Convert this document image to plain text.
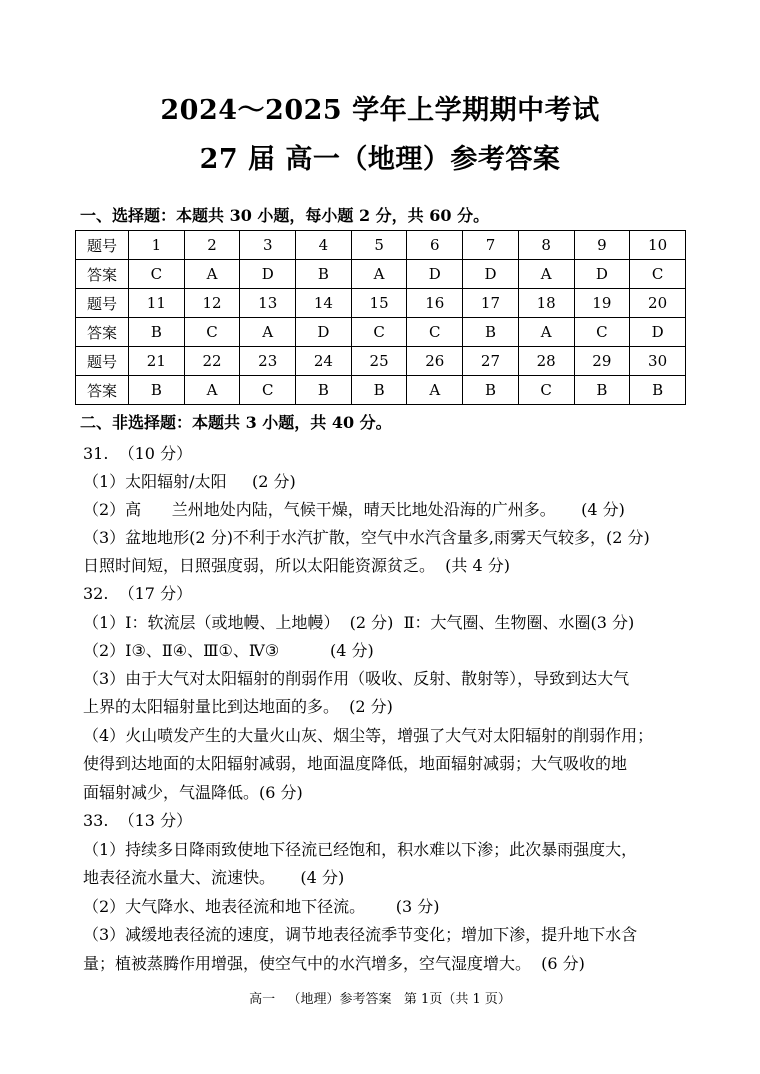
2024～2025 学年上学期期中考试
27 届 高一（地理）参考答案
一、选择题：本题共 30 小题，每小题 2 分，共 60 分。
题号	1	2	3	4	5	6	7	8	9	10
答案	C	A	D	B	A	D	D	A	D	C
题号	11	12	13	14	15	16	17	18	19	20
答案	B	C	A	D	C	C	B	A	C	D
题号	21	22	23	24	25	26	27	28	29	30
答案	B	A	C	B	B	A	B	C	B	B
二、非选择题：本题共 3 小题，共 40 分。
31.  （10 分）
（1）太阳辐射/太阳     (2 分)
（2）高      兰州地处内陆，气候干燥，晴天比地处沿海的广州多。     (4 分)
（3）盆地地形(2 分)不利于水汽扩散，空气中水汽含量多,雨雾天气较多，(2 分)
日照时间短，日照强度弱，所以太阳能资源贫乏。  (共 4 分)
32.  （17 分）
（1）Ⅰ：软流层（或地幔、上地幔）  (2 分)  Ⅱ：大气圈、生物圈、水圈(3 分)
（2）Ⅰ③、Ⅱ④、Ⅲ①、Ⅳ③          (4 分)
（3）由于大气对太阳辐射的削弱作用（吸收、反射、散射等），导致到达大气
上界的太阳辐射量比到达地面的多。  (2 分)
（4）火山喷发产生的大量火山灰、烟尘等，增强了大气对太阳辐射的削弱作用；
使得到达地面的太阳辐射减弱，地面温度降低，地面辐射减弱；大气吸收的地
面辐射减少，气温降低。(6 分)
33.  （13 分）
（1）持续多日降雨致使地下径流已经饱和，积水难以下渗；此次暴雨强度大，
地表径流水量大、流速快。     (4 分)
（2）大气降水、地表径流和地下径流。      (3 分)
（3）减缓地表径流的速度，调节地表径流季节变化；增加下渗，提升地下水含
量；植被蒸腾作用增强，使空气中的水汽增多，空气湿度增大。  (6 分)
高一   （地理）参考答案   第 1页（共 1 页）
